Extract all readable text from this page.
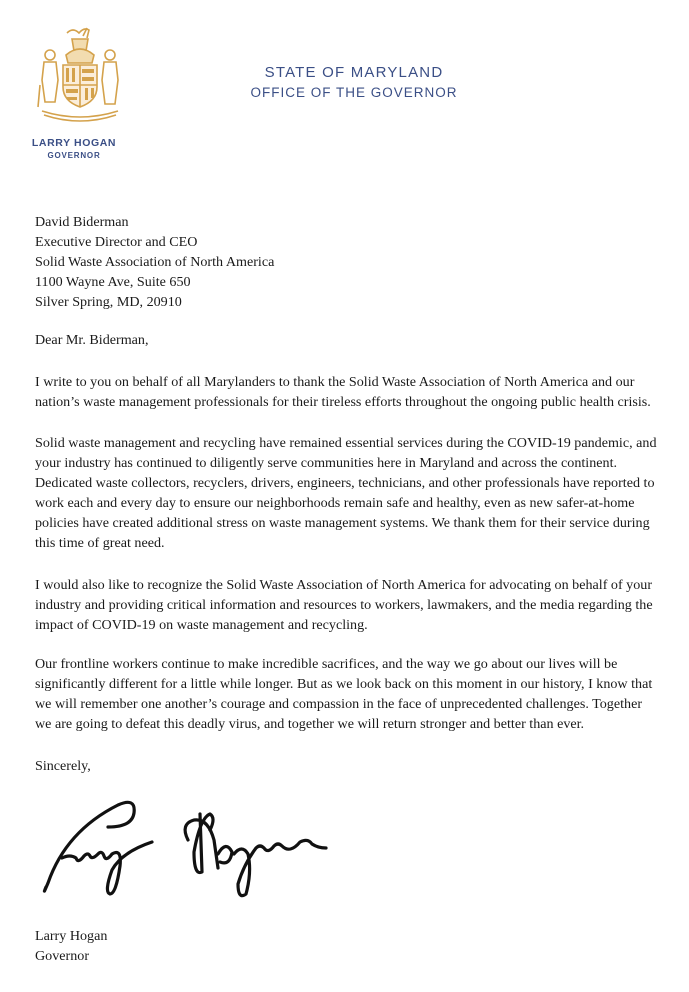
LARRY HOGAN
GOVERNOR
STATE OF MARYLAND
OFFICE OF THE GOVERNOR
David Biderman
Executive Director and CEO
Solid Waste Association of North America
1100 Wayne Ave, Suite 650
Silver Spring, MD, 20910
Dear Mr. Biderman,
I write to you on behalf of all Marylanders to thank the Solid Waste Association of North America and our nation’s waste management professionals for their tireless efforts throughout the ongoing public health crisis.
Solid waste management and recycling have remained essential services during the COVID-19 pandemic, and your industry has continued to diligently serve communities here in Maryland and across the continent. Dedicated waste collectors, recyclers, drivers, engineers, technicians, and other professionals have reported to work each and every day to ensure our neighborhoods remain safe and healthy, even as new safer-at-home policies have created additional stress on waste management systems. We thank them for their service during this time of great need.
I would also like to recognize the Solid Waste Association of North America for advocating on behalf of your industry and providing critical information and resources to workers, lawmakers, and the media regarding the impact of COVID-19 on waste management and recycling.
Our frontline workers continue to make incredible sacrifices, and the way we go about our lives will be significantly different for a little while longer. But as we look back on this moment in our history, I know that we will remember one another’s courage and compassion in the face of unprecedented challenges. Together we are going to defeat this deadly virus, and together we will return stronger and better than ever.
Sincerely,
Larry Hogan
Governor
